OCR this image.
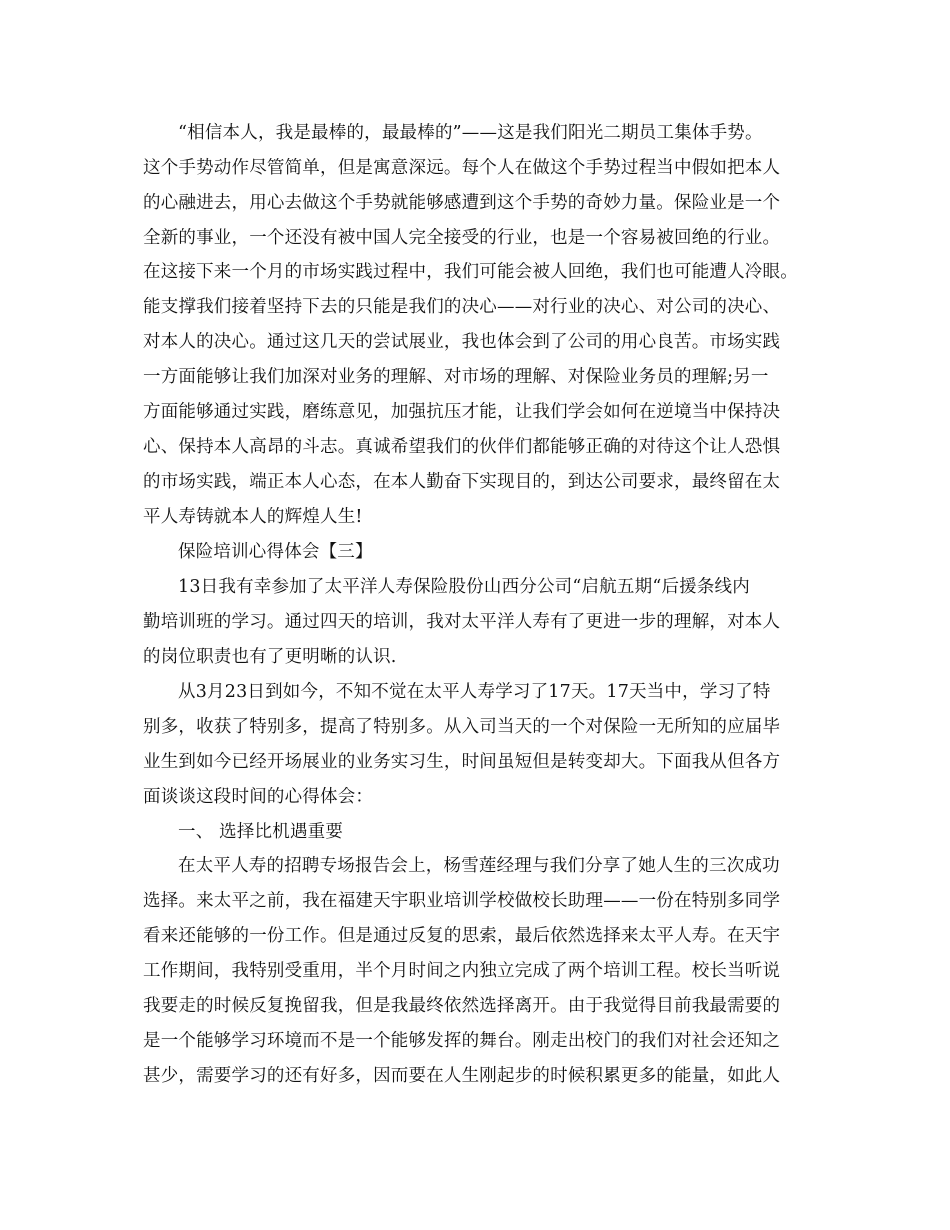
“相信本人，我是最棒的，最最棒的”——这是我们阳光二期员工集体手势。
这个手势动作尽管简单，但是寓意深远。每个人在做这个手势过程当中假如把本人
的心融进去，用心去做这个手势就能够感遭到这个手势的奇妙力量。保险业是一个
全新的事业，一个还没有被中国人完全接受的行业，也是一个容易被回绝的行业。
在这接下来一个月的市场实践过程中，我们可能会被人回绝，我们也可能遭人冷眼。
能支撑我们接着坚持下去的只能是我们的决心——对行业的决心、对公司的决心、
对本人的决心。通过这几天的尝试展业，我也体会到了公司的用心良苦。市场实践
一方面能够让我们加深对业务的理解、对市场的理解、对保险业务员的理解;另一
方面能够通过实践，磨练意见，加强抗压才能，让我们学会如何在逆境当中保持决
心、保持本人高昂的斗志。真诚希望我们的伙伴们都能够正确的对待这个让人恐惧
的市场实践，端正本人心态，在本人勤奋下实现目的，到达公司要求，最终留在太
平人寿铸就本人的辉煌人生!
保险培训心得体会【三】
13日我有幸参加了太平洋人寿保险股份山西分公司“启航五期“后援条线内
勤培训班的学习。通过四天的培训，我对太平洋人寿有了更进一步的理解，对本人
的岗位职责也有了更明晰的认识.
从3月23日到如今，不知不觉在太平人寿学习了17天。17天当中，学习了特
别多，收获了特别多，提高了特别多。从入司当天的一个对保险一无所知的应届毕
业生到如今已经开场展业的业务实习生，时间虽短但是转变却大。下面我从但各方
面谈谈这段时间的心得体会：
一、 选择比机遇重要
在太平人寿的招聘专场报告会上，杨雪莲经理与我们分享了她人生的三次成功
选择。来太平之前，我在福建天宇职业培训学校做校长助理——一份在特别多同学
看来还能够的一份工作。但是通过反复的思索，最后依然选择来太平人寿。在天宇
工作期间，我特别受重用，半个月时间之内独立完成了两个培训工程。校长当听说
我要走的时候反复挽留我，但是我最终依然选择离开。由于我觉得目前我最需要的
是一个能够学习环境而不是一个能够发挥的舞台。刚走出校门的我们对社会还知之
甚少，需要学习的还有好多，因而要在人生刚起步的时候积累更多的能量，如此人
